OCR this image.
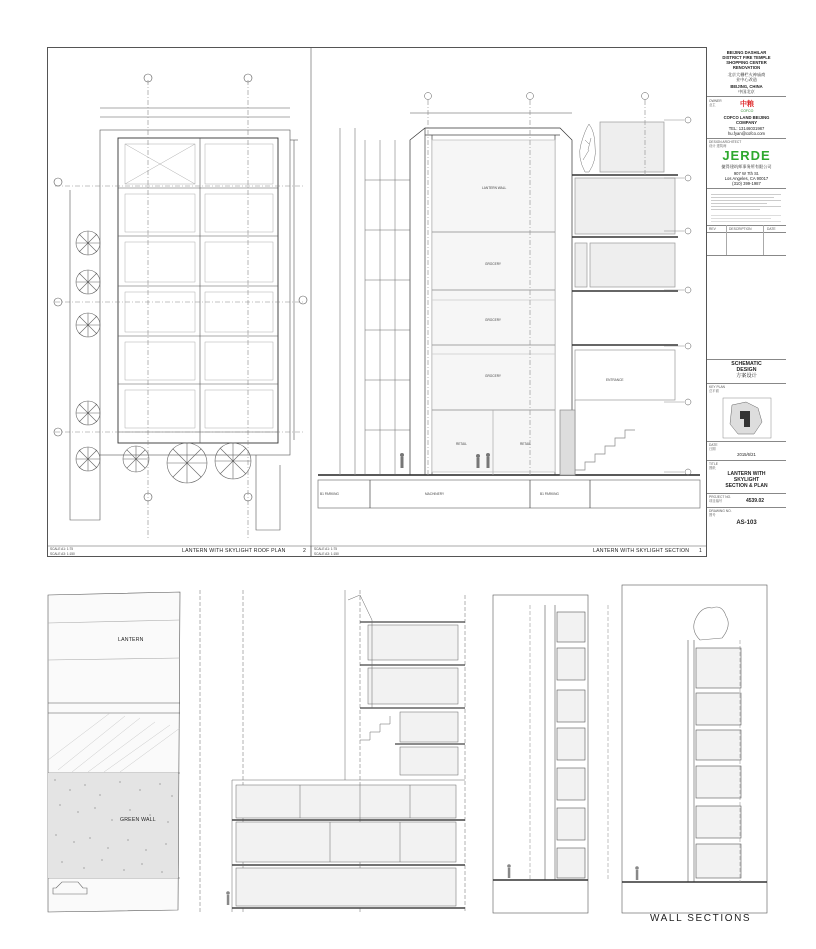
LANTERN WITH SKYLIGHT ROOF PLAN	2	LANTERN WITH SKYLIGHT SECTION 1
SCALE A1: 1:75
SCALE A3: 1:150
SCALE A1: 1:75
SCALE A3: 1:150
LANTERN WALL
GROCERY
GROCERY
GROCERY
RETAIL	RETAIL
ENTRANCE
B1 PARKING	MACHINERY	B1 PARKING
LANTERN
GREEN WALL
WALL SECTIONS
BEIJING DASHILAR
DISTRICT FIRE TEMPLE
SHOPPING CENTER
RENOVATION
北京大栅栏火神庙商
业中心改造
BEIJING, CHINA
中国北京
OWNER
业主	中粮
COFCO
COFCO LAND BEIJING
COMPANY
TEL: 13146031987
hu.fyan@cofco.com
DESIGN ARCHITECT
设计 建筑师
JERDE
捷得建筑师事务所有限公司
907 W 7th St.
Los Angeles, CA 90017
(310) 399-1987
REV	DESCRIPTION	DATE
SCHEMATIC
DESIGN
方案设计
KEY PLAN
总平面
DATE
日期
2015/6/21
TITLE
图纸
LANTERN WITH
SKYLIGHT
SECTION & PLAN
PROJECT NO.
项目编号	4539.02
DRAWING NO.
图号
AS-103
